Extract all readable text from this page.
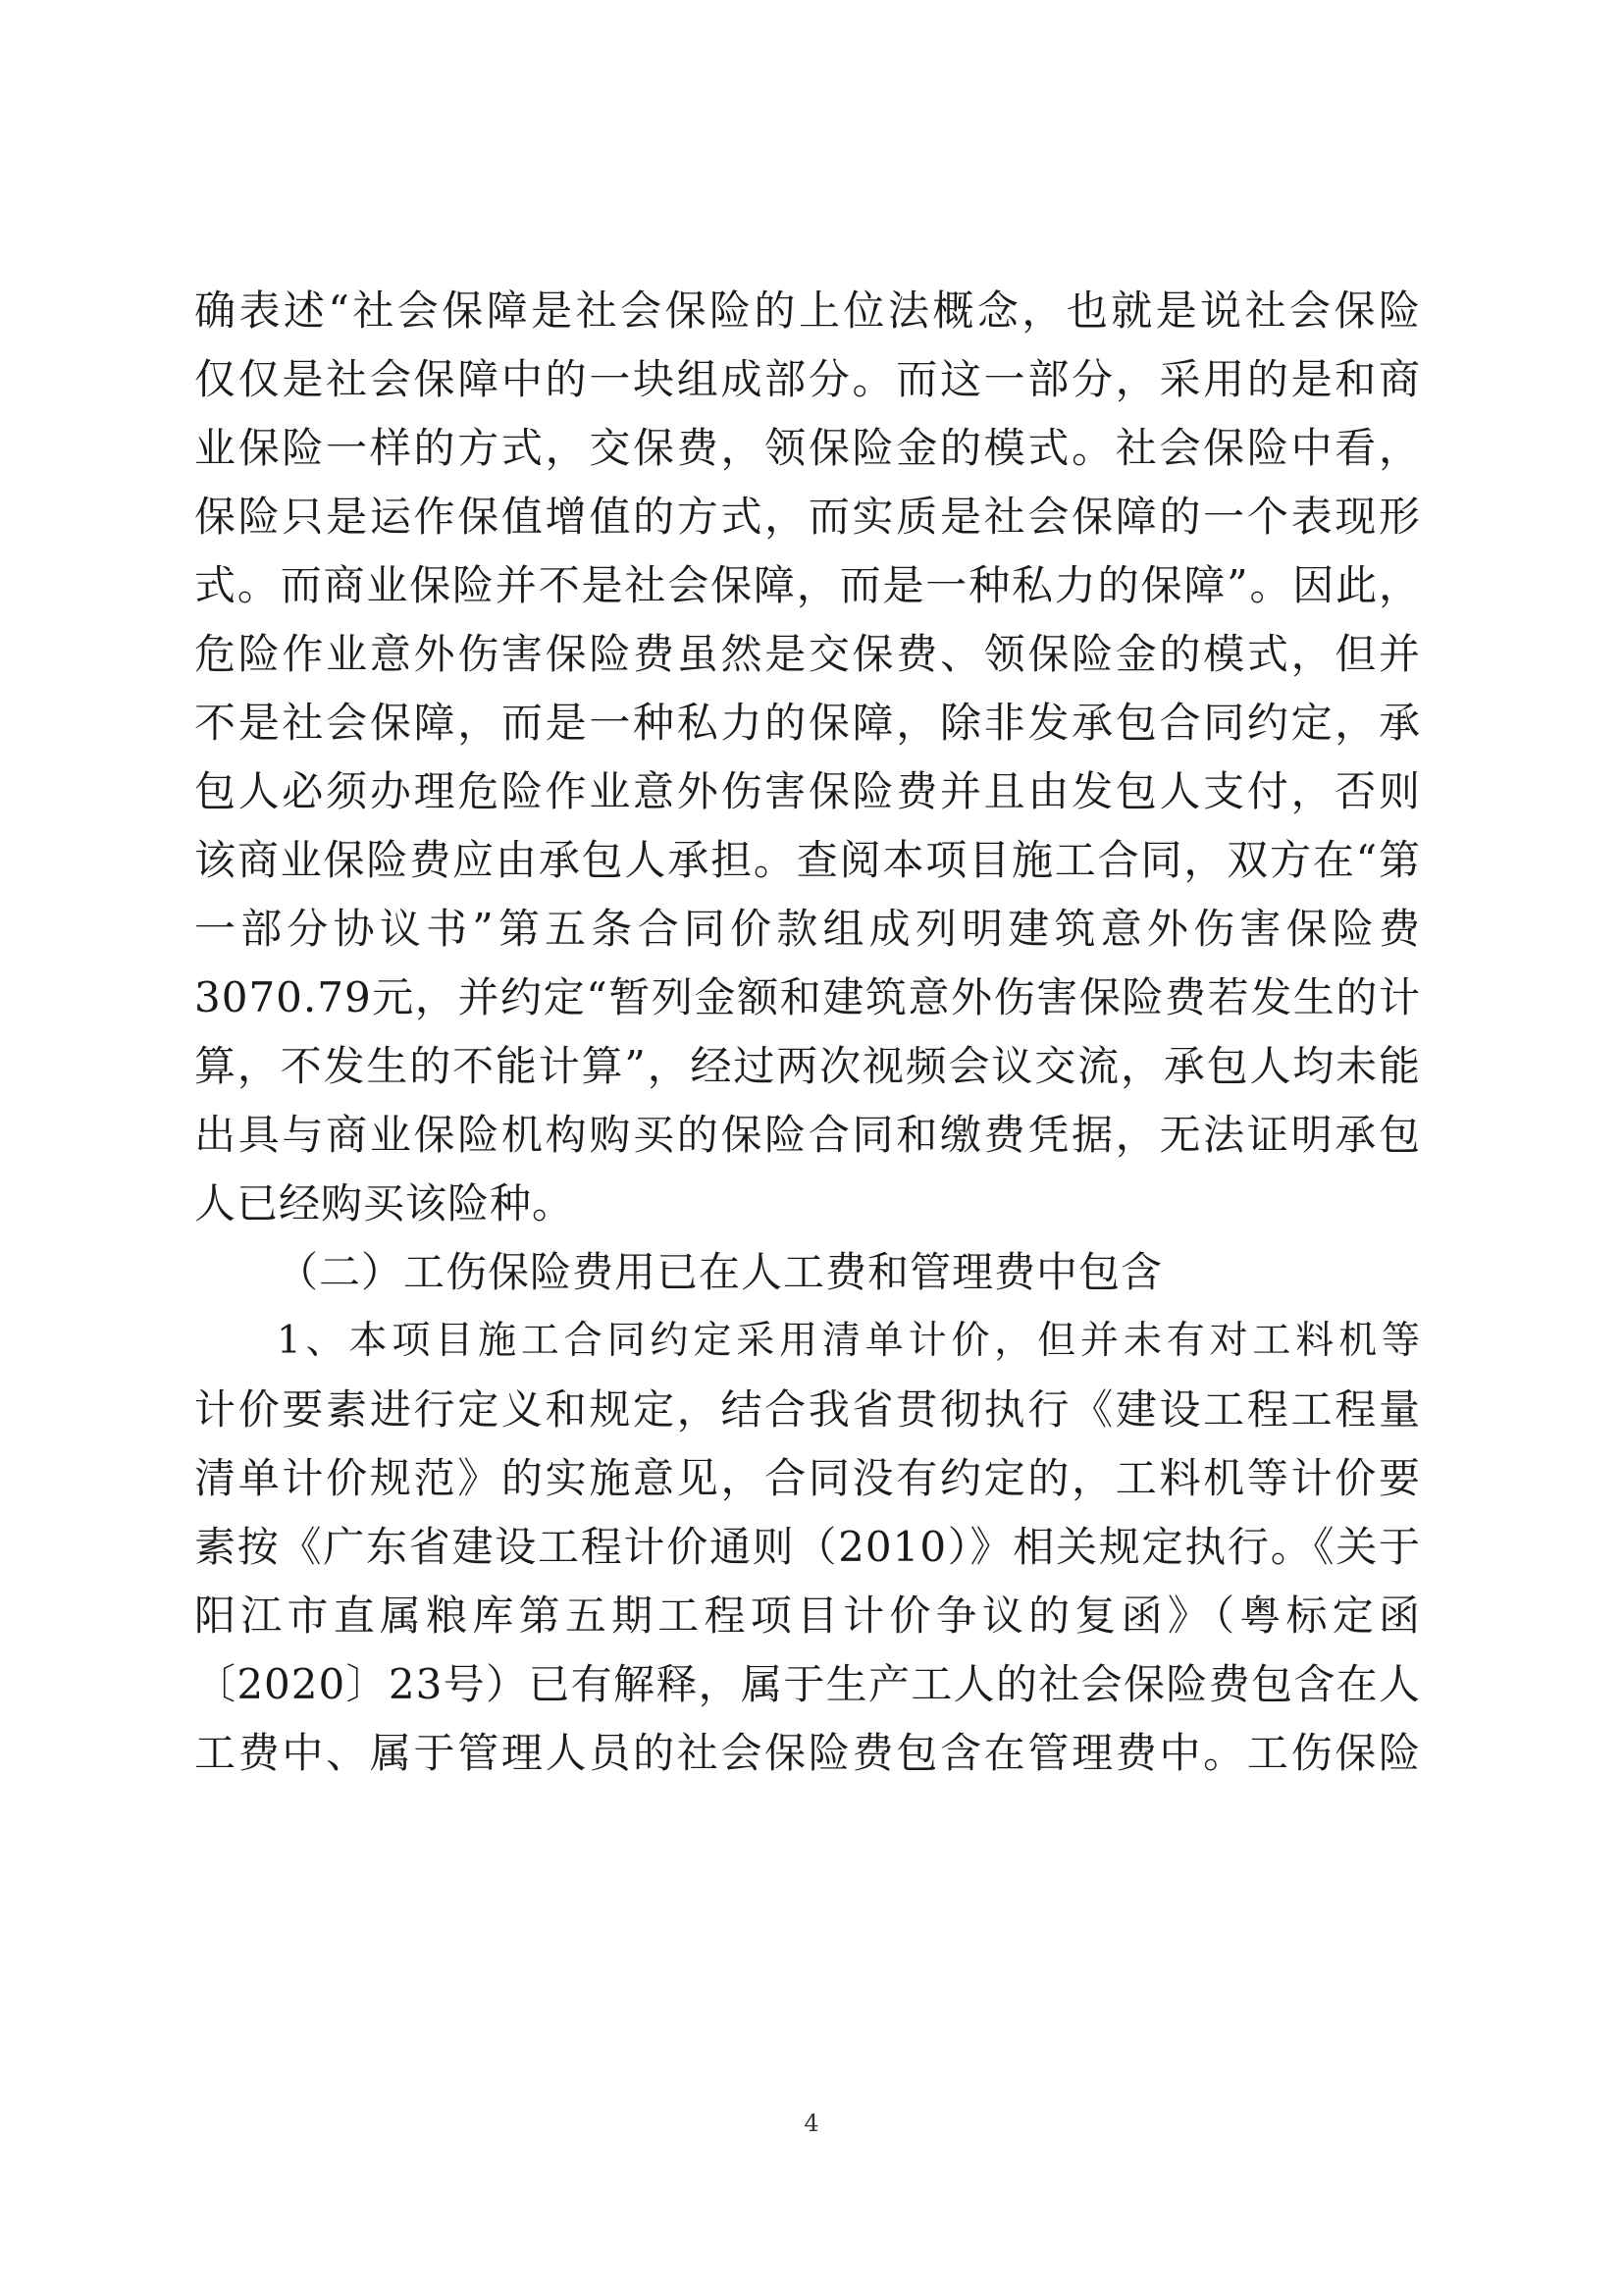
确表述“社会保障是社会保险的上位法概念，也就是说社会保险
仅仅是社会保障中的一块组成部分。而这一部分，采用的是和商
业保险一样的方式，交保费，领保险金的模式。社会保险中看，
保险只是运作保值增值的方式，而实质是社会保障的一个表现形
式。而商业保险并不是社会保障，而是一种私力的保障”。因此，
危险作业意外伤害保险费虽然是交保费、领保险金的模式，但并
不是社会保障，而是一种私力的保障，除非发承包合同约定，承
包人必须办理危险作业意外伤害保险费并且由发包人支付，否则
该商业保险费应由承包人承担。查阅本项目施工合同，双方在“第
一部分协议书”第五条合同价款组成列明建筑意外伤害保险费
3070.79元，并约定“暂列金额和建筑意外伤害保险费若发生的计
算，不发生的不能计算”，经过两次视频会议交流，承包人均未能
出具与商业保险机构购买的保险合同和缴费凭据，无法证明承包
人已经购买该险种。
（二）工伤保险费用已在人工费和管理费中包含
1、本项目施工合同约定采用清单计价，但并未有对工料机等
计价要素进行定义和规定，结合我省贯彻执行《建设工程工程量
清单计价规范》的实施意见，合同没有约定的，工料机等计价要
素按《广东省建设工程计价通则（2010）》相关规定执行。《关于
阳江市直属粮库第五期工程项目计价争议的复函》（粤标定函
〔2020〕23号）已有解释，属于生产工人的社会保险费包含在人
工费中、属于管理人员的社会保险费包含在管理费中。工伤保险
4
